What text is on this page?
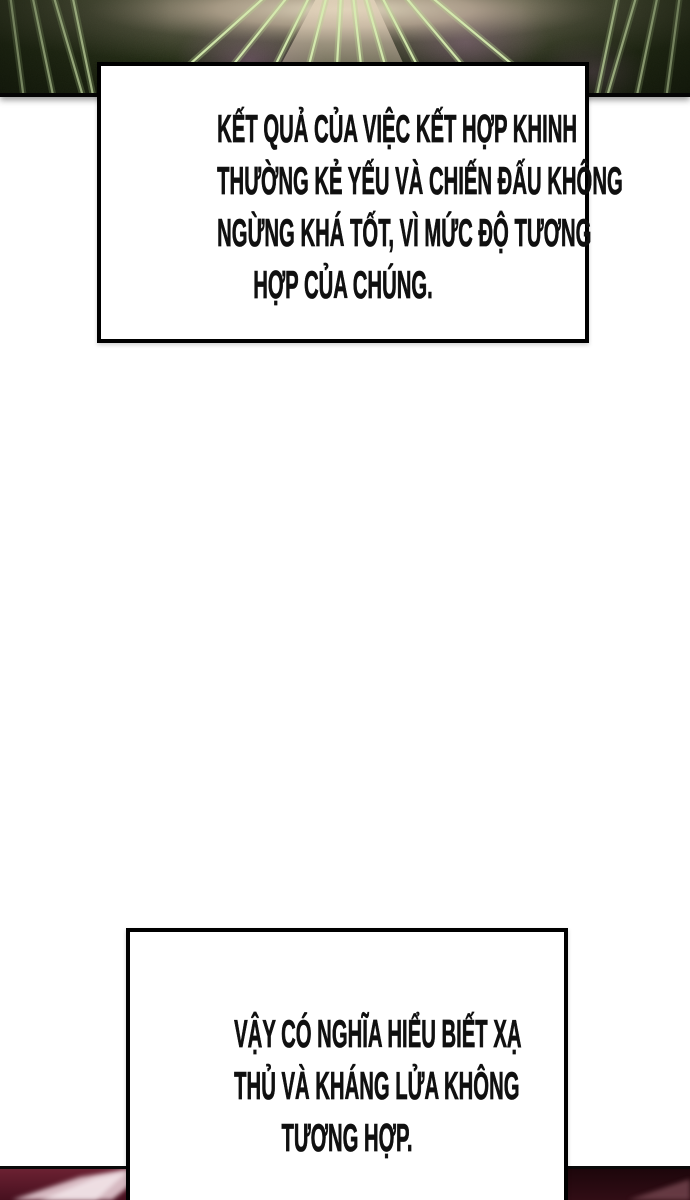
KẾT QUẢ CỦA VIỆC KẾT HỢP KHINH
THƯỜNG KẺ YẾU VÀ CHIẾN ĐẤU KHÔNG
NGỪNG KHÁ TỐT, VÌ MỨC ĐỘ TƯƠNG
HỢP CỦA CHÚNG.
VẬY CÓ NGHĨA HIỂU BIẾT XẠ
THỦ VÀ KHÁNG LỬA KHÔNG
TƯƠNG HỢP.
